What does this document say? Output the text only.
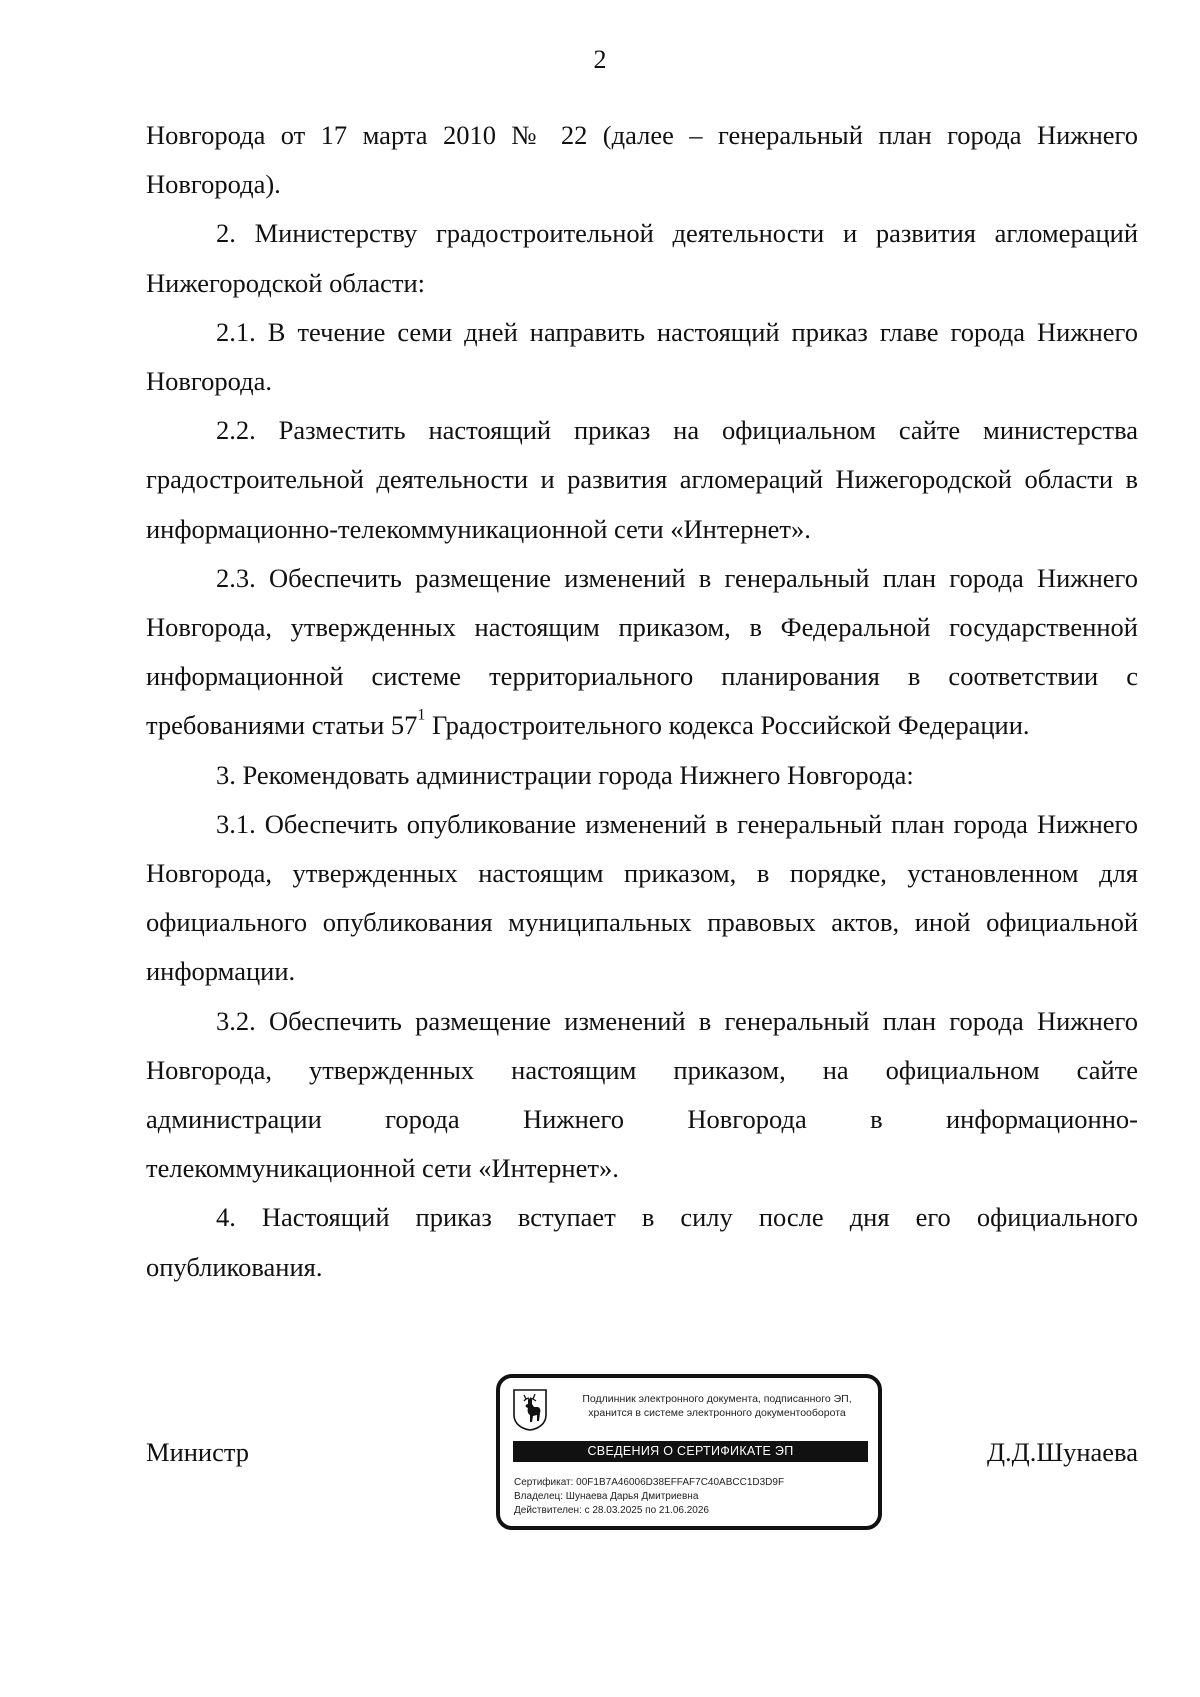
2

Новгорода от 17 марта 2010 № 22 (далее – генеральный план города Нижнего Новгорода).

2. Министерству градостроительной деятельности и развития агломераций Нижегородской области:

2.1. В течение семи дней направить настоящий приказ главе города Нижнего Новгорода.

2.2. Разместить настоящий приказ на официальном сайте министерства градостроительной деятельности и развития агломераций Нижегородской области в информационно-телекоммуникационной сети «Интернет».

2.3. Обеспечить размещение изменений в генеральный план города Нижнего Новгорода, утвержденных настоящим приказом, в Федеральной государственной информационной системе территориального планирования в соответствии с требованиями статьи $57^1$ Градостроительного кодекса Российской Федерации.

3. Рекомендовать администрации города Нижнего Новгорода:

3.1. Обеспечить опубликование изменений в генеральный план города Нижнего Новгорода, утвержденных настоящим приказом, в порядке, установленном для официального опубликования муниципальных правовых актов, иной официальной информации.

3.2. Обеспечить размещение изменений в генеральный план города Нижнего Новгорода, утвержденных настоящим приказом, на официальном сайте администрации города Нижнего Новгорода в информационно-

телекоммуникационной сети «Интернет».

4. Настоящий приказ вступает в силу после дня его официального опубликования.

Министр	Д.Д.Шунаева
Подлинник электронного документа, подписанного ЭП,
хранится в системе электронного документооборота
СВЕДЕНИЯ О СЕРТИФИКАТЕ ЭП
Сертификат: 00F1B7A46006D38EFFAF7C40ABCC1D3D9F
Владелец: Шунаева Дарья Дмитриевна
Действителен: с 28.03.2025 по 21.06.2026
